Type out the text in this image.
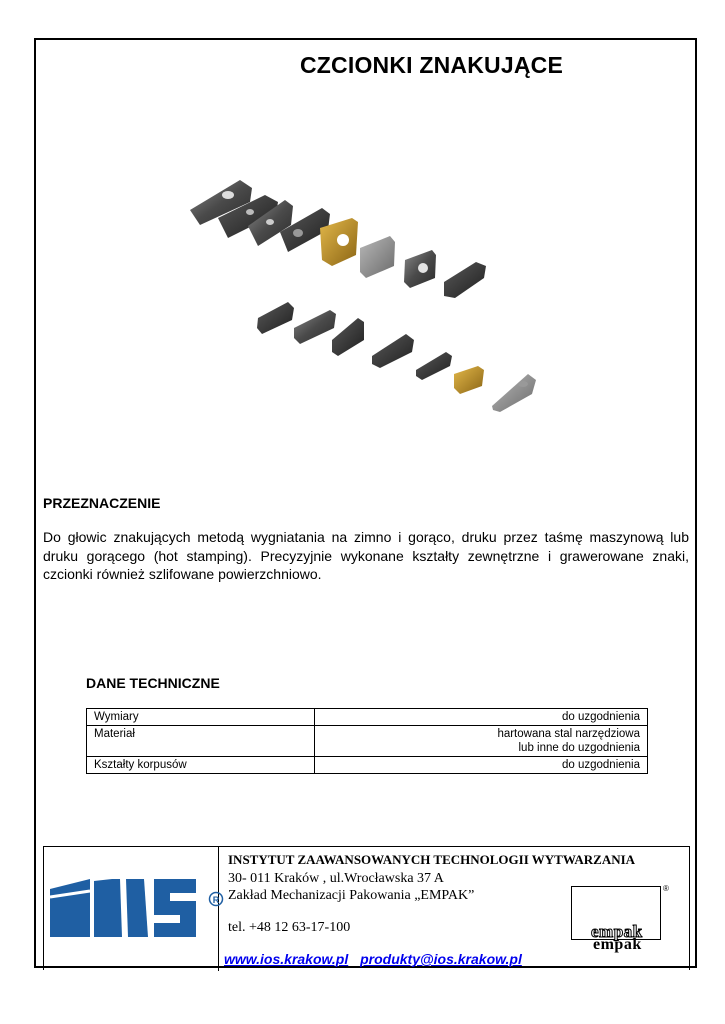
CZCIONKI ZNAKUJĄCE
PRZEZNACZENIE
Do głowic znakujących metodą wygniatania na zimno i gorąco, druku przez taśmę maszynową lub druku gorącego (hot stamping). Precyzyjnie wykonane kształty zewnętrzne i grawerowane znaki, czcionki również szlifowane powierzchniowo.
DANE TECHNICZNE
Wymiary	do uzgodnienia
Materiał	hartowana stal narzędziowa
lub inne do uzgodnienia
Kształty korpusów	do uzgodnienia
R
INSTYTUT ZAAWANSOWANYCH TECHNOLOGII WYTWARZANIA
30- 011 Kraków , ul.Wrocławska 37 A
Zakład Mechanizacji Pakowania „EMPAK”
tel. +48 12 63-17-100
www.ios.krakow.pl produkty@ios.krakow.pl
®
empak
empak
